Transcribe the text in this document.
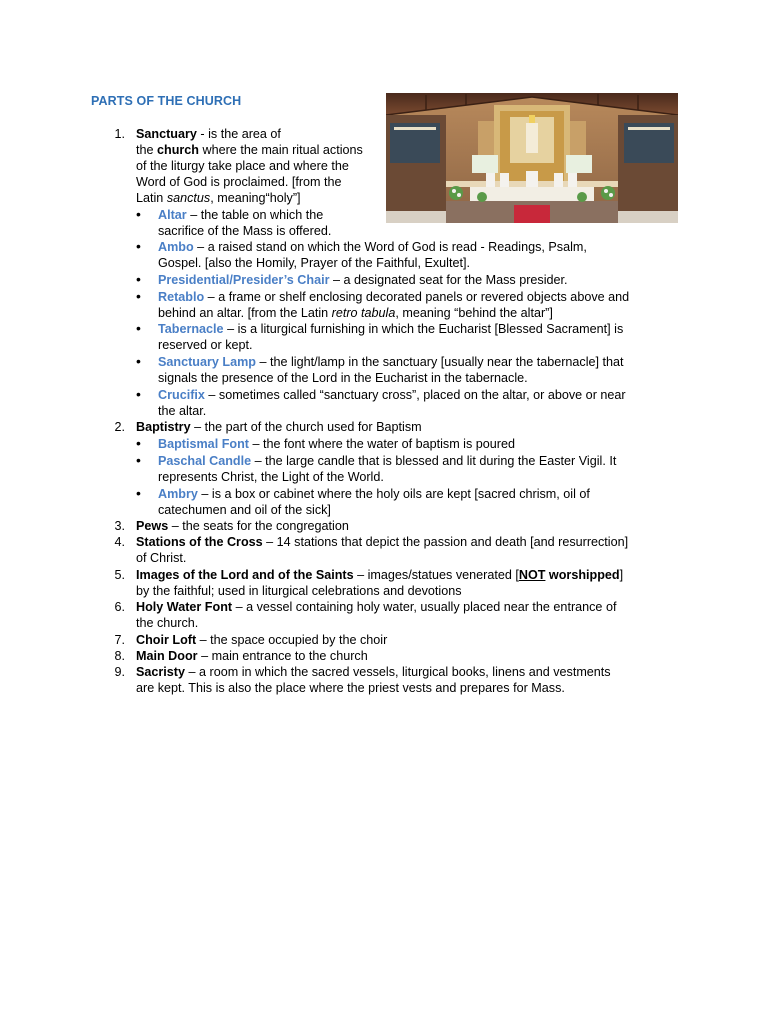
PARTS OF THE CHURCH
1. Sanctuary - is the area of
the church where the main ritual actions
of the liturgy take place and where the
Word of God is proclaimed. [from the
Latin sanctus, meaning“holy”]
• Altar – the table on which the
sacrifice of the Mass is offered.
• Ambo – a raised stand on which the Word of God is read - Readings, Psalm,
Gospel. [also the Homily, Prayer of the Faithful, Exultet].
• Presidential/Presider’s Chair – a designated seat for the Mass presider.
• Retablo – a frame or shelf enclosing decorated panels or revered objects above and
behind an altar. [from the Latin retro tabula, meaning “behind the altar”]
• Tabernacle – is a liturgical furnishing in which the Eucharist [Blessed Sacrament] is
reserved or kept.
• Sanctuary Lamp – the light/lamp in the sanctuary [usually near the tabernacle] that
signals the presence of the Lord in the Eucharist in the tabernacle.
• Crucifix – sometimes called “sanctuary cross”, placed on the altar, or above or near
the altar.
2. Baptistry – the part of the church used for Baptism
• Baptismal Font – the font where the water of baptism is poured
• Paschal Candle – the large candle that is blessed and lit during the Easter Vigil. It
represents Christ, the Light of the World.
• Ambry – is a box or cabinet where the holy oils are kept [sacred chrism, oil of
catechumen and oil of the sick]
3. Pews – the seats for the congregation
4. Stations of the Cross – 14 stations that depict the passion and death [and resurrection]
of Christ.
5. Images of the Lord and of the Saints – images/statues venerated [NOT worshipped]
by the faithful; used in liturgical celebrations and devotions
6. Holy Water Font – a vessel containing holy water, usually placed near the entrance of
the church.
7. Choir Loft – the space occupied by the choir
8. Main Door – main entrance to the church
9. Sacristy – a room in which the sacred vessels, liturgical books, linens and vestments
are kept. This is also the place where the priest vests and prepares for Mass.
